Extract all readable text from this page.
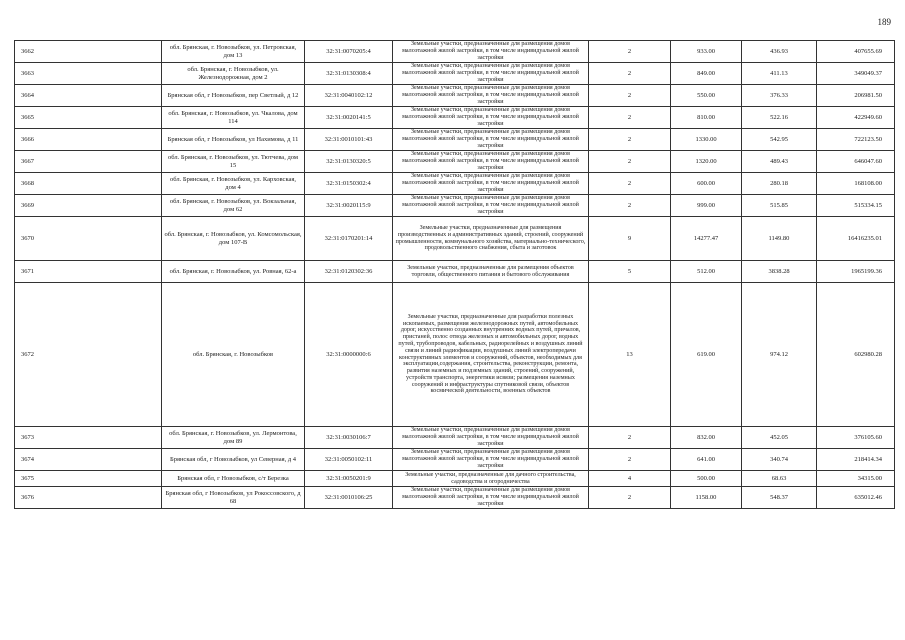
189
3662	обл. Брянская, г. Новозыбков, ул. Петровская, дом 13	32:31:0070205:4	Земельные участки, предназначенные для размещения домов малоэтажной жилой застройки, в том числе индивидуальной жилой застройки	2	933.00	436.93	407655.69
3663	обл. Брянская, г. Новозыбков, ул. Железнодорожная, дом 2	32:31:0130308:4	Земельные участки, предназначенные для размещения домов малоэтажной жилой застройки, в том числе индивидуальной жилой застройки	2	849.00	411.13	349049.37
3664	Брянская обл, г Новозыбков, пер Светлый, д 12	32:31:0040102:12	Земельные участки, предназначенные для размещения домов малоэтажной жилой застройки, в том числе индивидуальной жилой застройки	2	550.00	376.33	206981.50
3665	обл. Брянская, г. Новозыбков, ул. Чкалова, дом 114	32:31:0020141:5	Земельные участки, предназначенные для размещения домов малоэтажной жилой застройки, в том числе индивидуальной жилой застройки	2	810.00	522.16	422949.60
3666	Брянская обл, г Новозыбков, ул Нахимова, д 11	32:31:0010101:43	Земельные участки, предназначенные для размещения домов малоэтажной жилой застройки, в том числе индивидуальной жилой застройки	2	1330.00	542.95	722123.50
3667	обл. Брянская, г. Новозыбков, ул. Тютчева, дом 15	32:31:0130320:5	Земельные участки, предназначенные для размещения домов малоэтажной жилой застройки, в том числе индивидуальной жилой застройки	2	1320.00	489.43	646047.60
3668	обл. Брянская, г. Новозыбков, ул. Карховская, дом 4	32:31:0150302:4	Земельные участки, предназначенные для размещения домов малоэтажной жилой застройки, в том числе индивидуальной жилой застройки	2	600.00	280.18	168108.00
3669	обл. Брянская, г. Новозыбков, ул. Вокзальная, дом 62	32:31:0020115:9	Земельные участки, предназначенные для размещения домов малоэтажной жилой застройки, в том числе индивидуальной жилой застройки	2	999.00	515.85	515334.15
3670	обл. Брянская, г. Новозыбков, ул. Комсомольская, дом 107-В	32:31:0170201:14	Земельные участки, предназначенные для размещения производственных и административных зданий, строений, сооружений промышленности, коммунального хозяйства, материально-технического, продовольственного снабжения, сбыта и заготовок	9	14277.47	1149.80	16416235.01
3671	обл. Брянская, г. Новозыбков, ул. Ровная, 62-а	32:31:0120302:36	Земельные участки, предназначенные для размещения объектов торговли, общественного питания и бытового обслуживания	5	512.00	3838.28	1965199.36
3672	обл. Брянская, г. Новозыбков	32:31:0000000:6	Земельные участки, предназначенные для разработки полезных ископаемых, размещения железнодорожных путей, автомобильных дорог, искусственно созданных внутренних водных путей, причалов, пристаней, полос отвода железных и автомобильных дорог, водных путей, трубопроводов, кабельных, радиорелейных и воздушных линий связи и линий радиофикации, воздушных линий электропередачи конструктивных элементов и сооружений, объектов, необходимых для эксплуатации,содержания, строительства, реконструкции, ремонта, развития наземных и подземных зданий, строений, сооружений, устройств транспорта, энергетики исвязи; размещения наземных сооружений и инфраструктуры спутниковой связи, объектов космической деятельности, военных объектов	13	619.00	974.12	602980.28
3673	обл. Брянская, г. Новозыбков, ул. Лермонтова, дом 89	32:31:0030106:7	Земельные участки, предназначенные для размещения домов малоэтажной жилой застройки, в том числе индивидуальной жилой застройки	2	832.00	452.05	376105.60
3674	Брянская обл, г Новозыбков, ул Северная, д 4	32:31:0050102:11	Земельные участки, предназначенные для размещения домов малоэтажной жилой застройки, в том числе индивидуальной жилой застройки	2	641.00	340.74	218414.34
3675	Брянская обл, г Новозыбков, с/т Березка	32:31:0050201:9	Земельные участки, предназначенные для дачного строительства, садоводства и огородничества	4	500.00	68.63	34315.00
3676	Брянская обл, г Новозыбков, ул Рокоссовского, д 68	32:31:0010106:25	Земельные участки, предназначенные для размещения домов малоэтажной жилой застройки, в том числе индивидуальной жилой застройки	2	1158.00	548.37	635012.46
